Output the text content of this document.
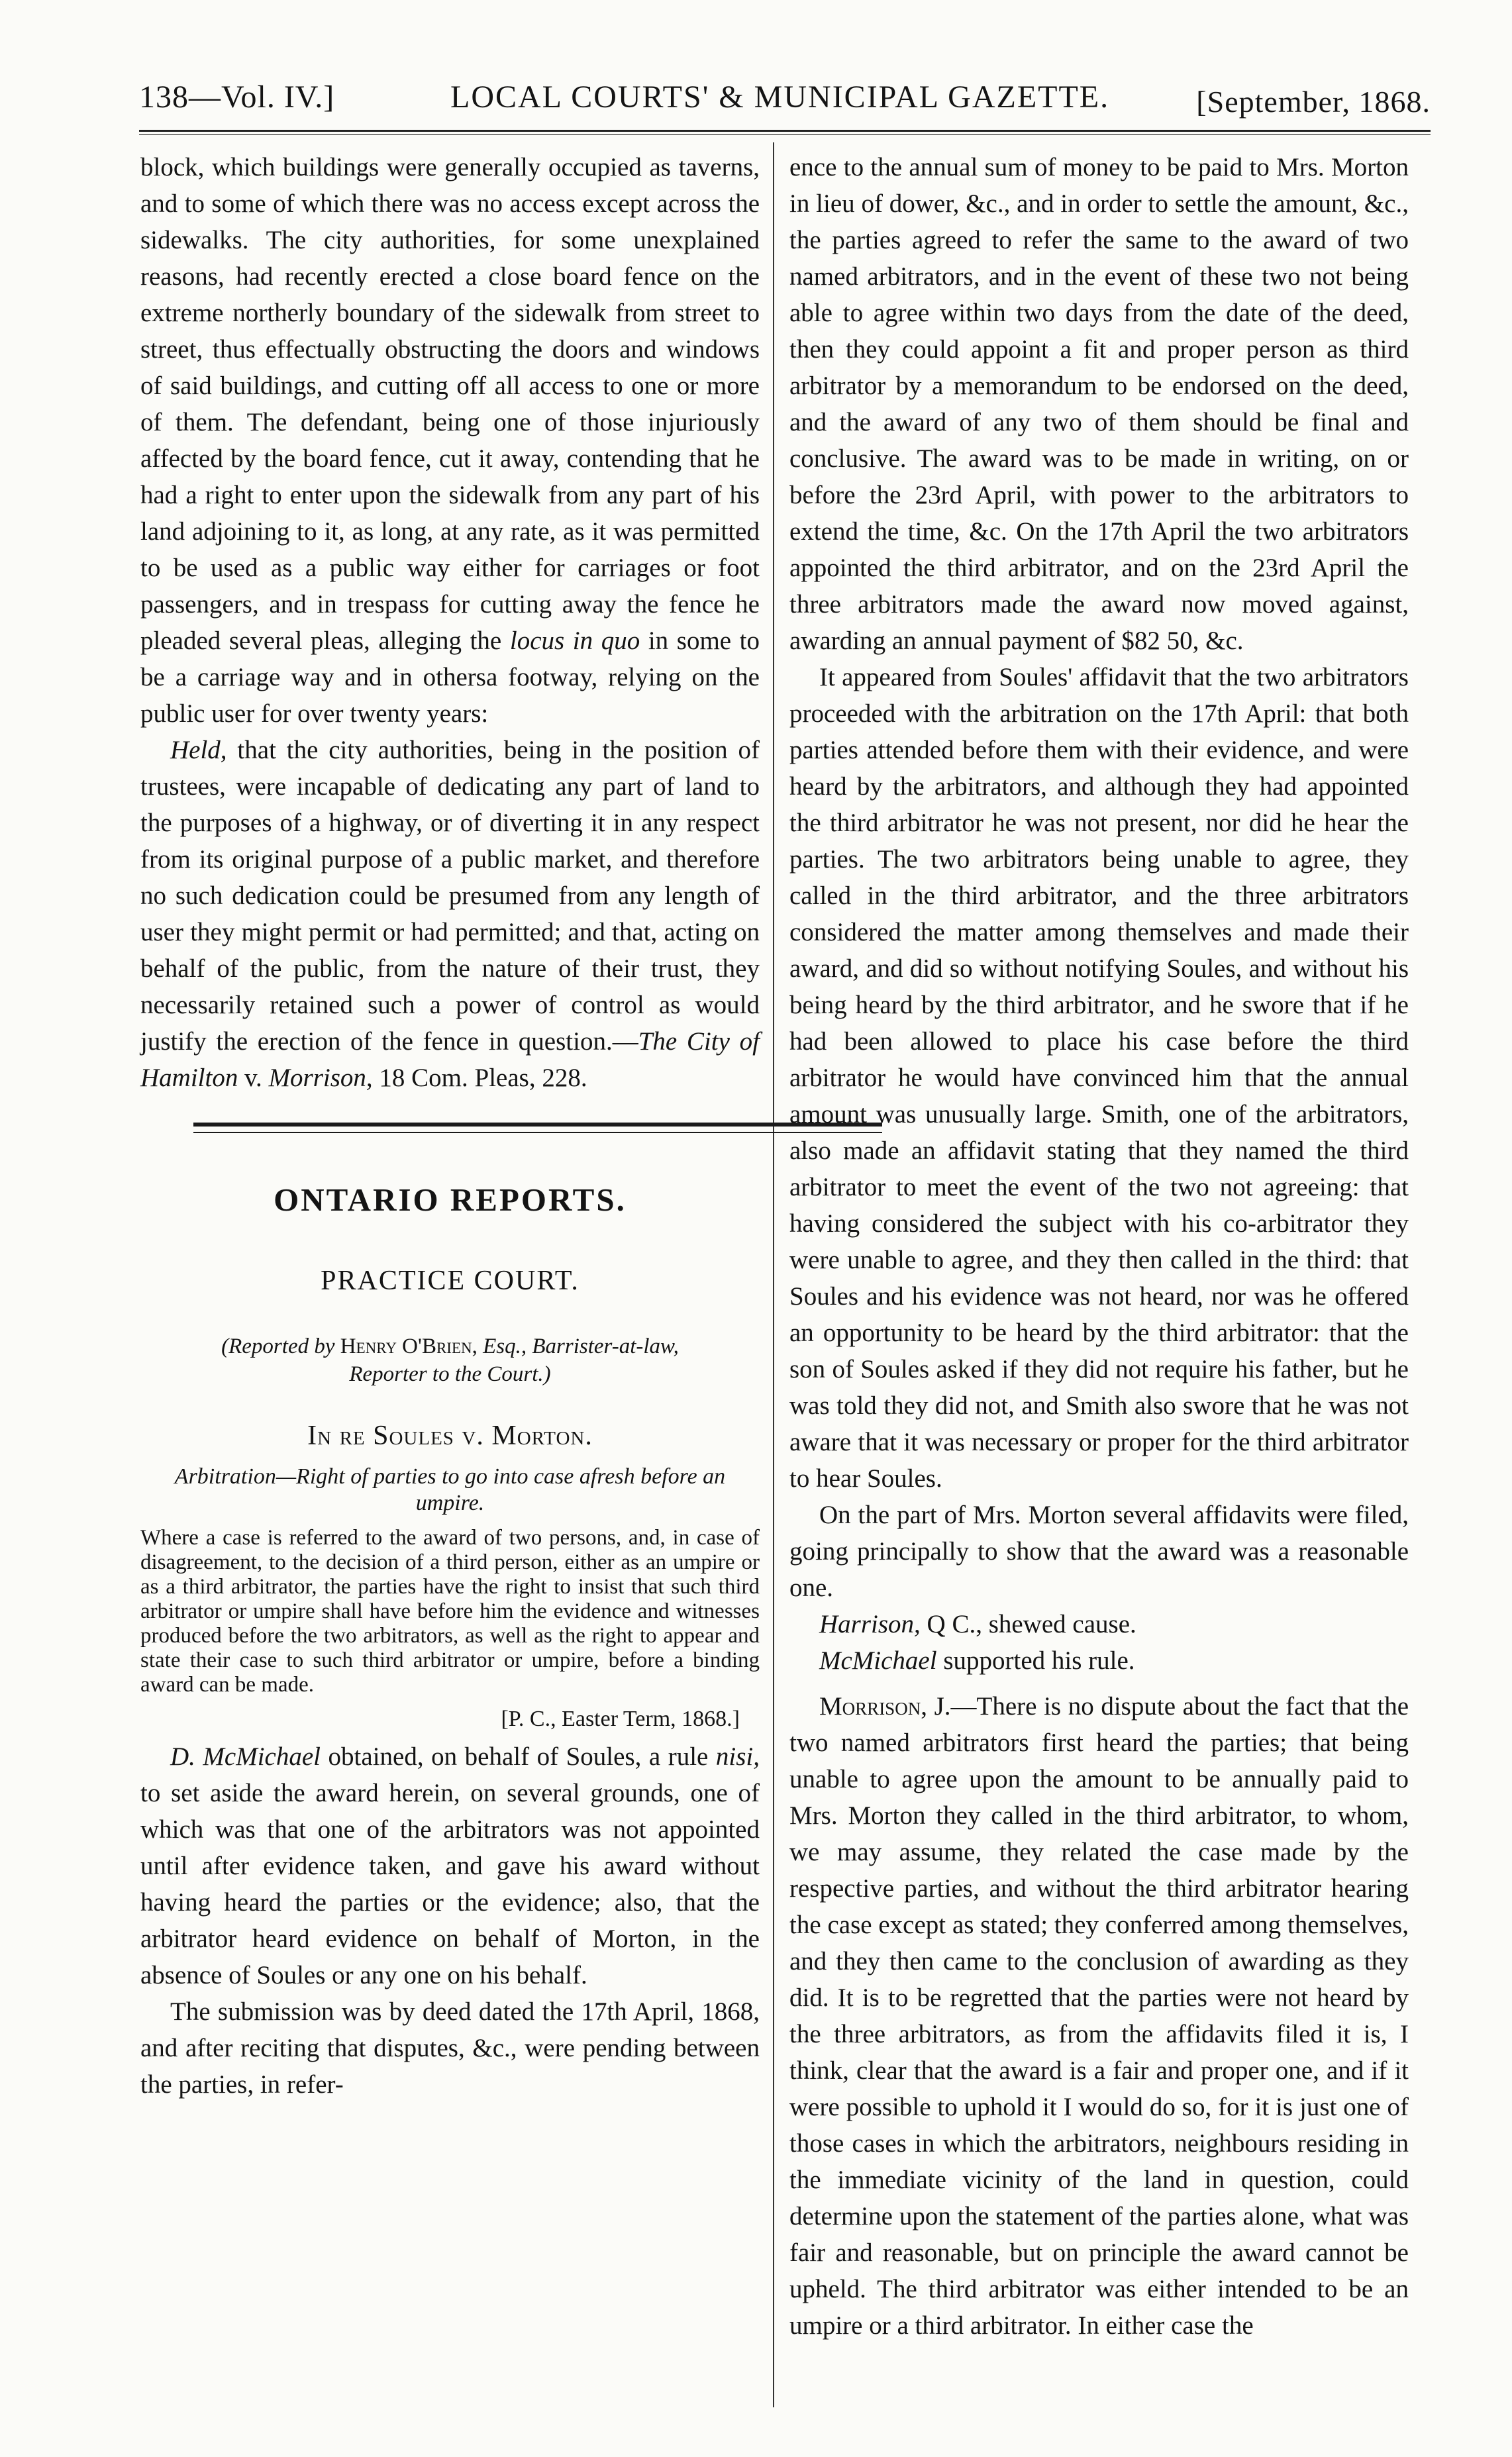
138—Vol. IV.]	LOCAL COURTS' & MUNICIPAL GAZETTE.	[September, 1868.

block, which buildings were generally occupied as taverns, and to some of which there was no access except across the sidewalks. The city authorities, for some unexplained reasons, had recently erected a close board fence on the extreme northerly boundary of the sidewalk from street to street, thus effectually obstructing the doors and windows of said buildings, and cutting off all access to one or more of them. The defendant, being one of those injuriously affected by the board fence, cut it away, contending that he had a right to enter upon the sidewalk from any part of his land adjoining to it, as long, at any rate, as it was permitted to be used as a public way either for carriages or foot passengers, and in trespass for cutting away the fence he pleaded several pleas, alleging the locus in quo in some to be a carriage way and in othersa footway, relying on the public user for over twenty years:

Held, that the city authorities, being in the position of trustees, were incapable of dedicating any part of land to the purposes of a highway, or of diverting it in any respect from its original purpose of a public market, and therefore no such dedication could be presumed from any length of user they might permit or had permitted; and that, acting on behalf of the public, from the nature of their trust, they necessarily retained such a power of control as would justify the erection of the fence in question.—The City of Hamilton v. Morrison, 18 Com. Pleas, 228.

ONTARIO REPORTS.
PRACTICE COURT.
(Reported by Henry O'Brien, Esq., Barrister-at-law,
Reporter to the Court.)
In re Soules v. Morton.
Arbitration—Right of parties to go into case afresh before an umpire.
Where a case is referred to the award of two persons, and, in case of disagreement, to the decision of a third person, either as an umpire or as a third arbitrator, the parties have the right to insist that such third arbitrator or umpire shall have before him the evidence and witnesses produced before the two arbitrators, as well as the right to appear and state their case to such third arbitrator or umpire, before a binding award can be made.
[P. C., Easter Term, 1868.]

D. McMichael obtained, on behalf of Soules, a rule nisi, to set aside the award herein, on several grounds, one of which was that one of the arbitrators was not appointed until after evidence taken, and gave his award without having heard the parties or the evidence; also, that the arbitrator heard evidence on behalf of Morton, in the absence of Soules or any one on his behalf.

The submission was by deed dated the 17th April, 1868, and after reciting that disputes, &c., were pending between the parties, in refer-

ence to the annual sum of money to be paid to Mrs. Morton in lieu of dower, &c., and in order to settle the amount, &c., the parties agreed to refer the same to the award of two named arbitrators, and in the event of these two not being able to agree within two days from the date of the deed, then they could appoint a fit and proper person as third arbitrator by a memorandum to be endorsed on the deed, and the award of any two of them should be final and conclusive. The award was to be made in writing, on or before the 23rd April, with power to the arbitrators to extend the time, &c. On the 17th April the two arbitrators appointed the third arbitrator, and on the 23rd April the three arbitrators made the award now moved against, awarding an annual payment of $82 50, &c.

It appeared from Soules' affidavit that the two arbitrators proceeded with the arbitration on the 17th April: that both parties attended before them with their evidence, and were heard by the arbitrators, and although they had appointed the third arbitrator he was not present, nor did he hear the parties. The two arbitrators being unable to agree, they called in the third arbitrator, and the three arbitrators considered the matter among themselves and made their award, and did so without notifying Soules, and without his being heard by the third arbitrator, and he swore that if he had been allowed to place his case before the third arbitrator he would have convinced him that the annual amount was unusually large. Smith, one of the arbitrators, also made an affidavit stating that they named the third arbitrator to meet the event of the two not agreeing: that having considered the subject with his co-arbitrator they were unable to agree, and they then called in the third: that Soules and his evidence was not heard, nor was he offered an opportunity to be heard by the third arbitrator: that the son of Soules asked if they did not require his father, but he was told they did not, and Smith also swore that he was not aware that it was necessary or proper for the third arbitrator to hear Soules.

On the part of Mrs. Morton several affidavits were filed, going principally to show that the award was a reasonable one.

Harrison, Q C., shewed cause.

McMichael supported his rule.

Morrison, J.—There is no dispute about the fact that the two named arbitrators first heard the parties; that being unable to agree upon the amount to be annually paid to Mrs. Morton they called in the third arbitrator, to whom, we may assume, they related the case made by the respective parties, and without the third arbitrator hearing the case except as stated; they conferred among themselves, and they then came to the conclusion of awarding as they did. It is to be regretted that the parties were not heard by the three arbitrators, as from the affidavits filed it is, I think, clear that the award is a fair and proper one, and if it were possible to uphold it I would do so, for it is just one of those cases in which the arbitrators, neighbours residing in the immediate vicinity of the land in question, could determine upon the statement of the parties alone, what was fair and reasonable, but on principle the award cannot be upheld. The third arbitrator was either intended to be an umpire or a third arbitrator. In either case the
